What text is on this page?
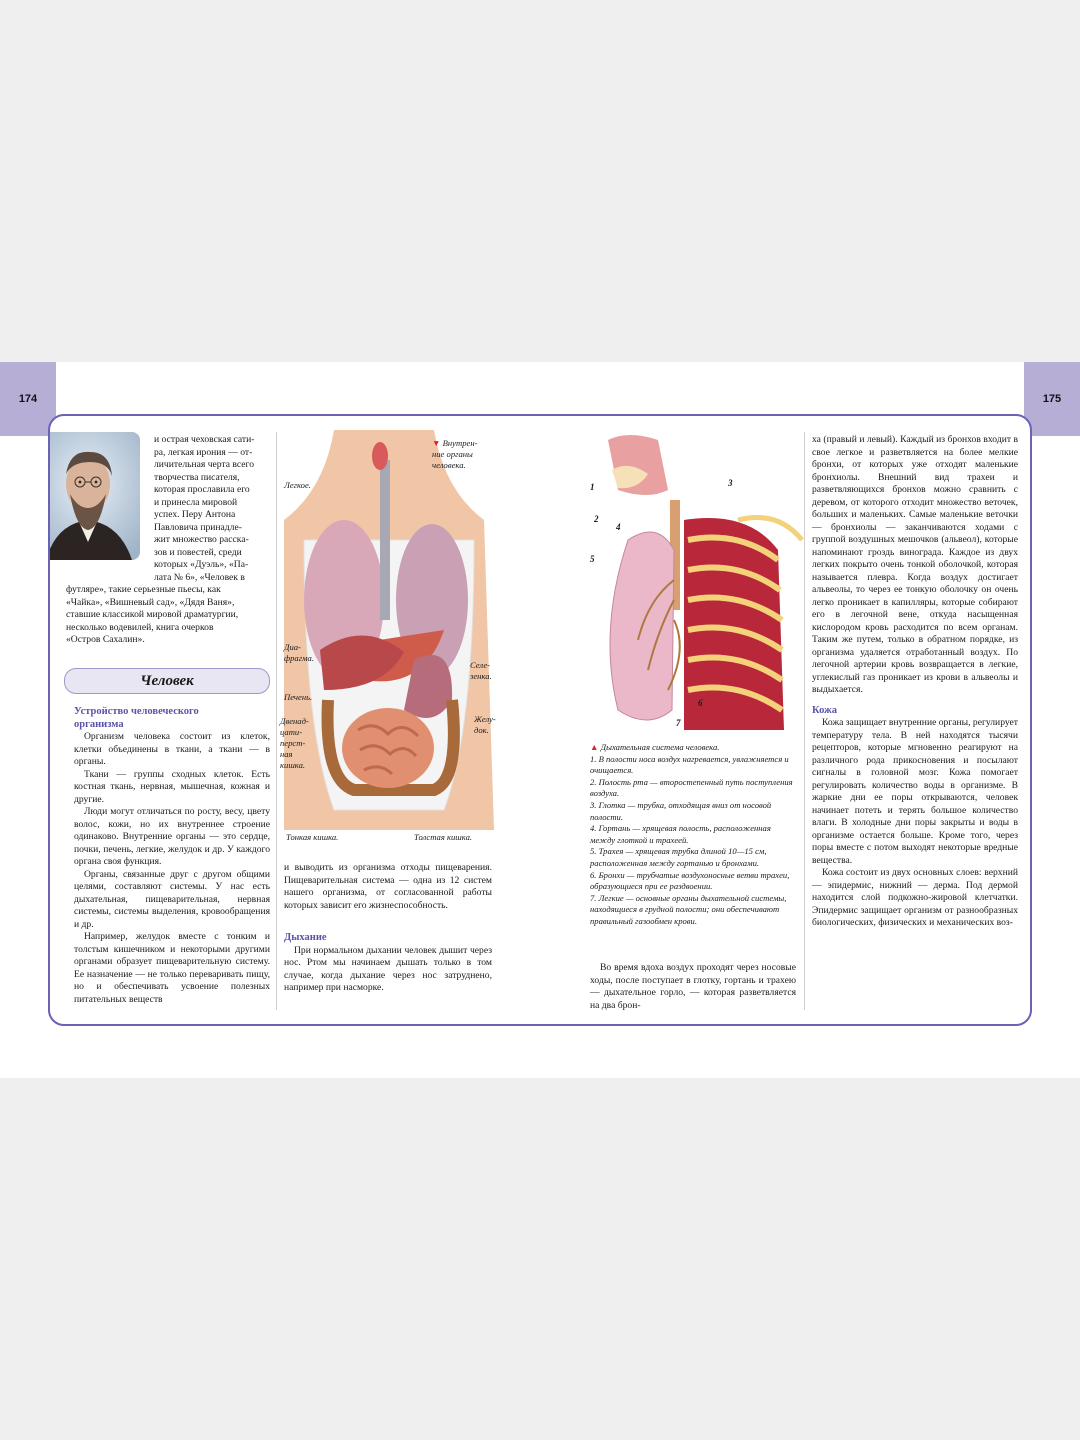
174	175
и острая чеховская сати-
ра, легкая ирония — от-
личительная черта всего
творчества писателя,
которая прославила его
и принесла мировой
успех. Перу Антона
Павловича принадле-
жит множество расска-
зов и повестей, среди
которых «Дуэль», «Па-
лата № 6», «Человек в
футляре», такие серьезные пьесы, как
«Чайка», «Вишневый сад», «Дядя Ваня»,
ставшие классикой мировой драматургии,
несколько водевилей, книга очерков
«Остров Сахалин».
Человек
Устройство человеческого
организма

Организм человека состоит из клеток, клетки объединены в ткани, а ткани — в органы.

Ткани — группы сходных клеток. Есть костная ткань, нервная, мышечная, кожная и другие.

Люди могут отличаться по росту, весу, цвету волос, кожи, но их внутреннее строение одинаково. Внутренние органы — это сердце, почки, печень, легкие, желудок и др. У каждого органа своя функция.

Органы, связанные друг с другом общими целями, составляют системы. У нас есть дыхательная, пищеварительная, нервная системы, системы выделения, кровообращения и др.

Например, желудок вместе с тонким и толстым кишечником и некоторыми другими органами образует пищеварительную систему. Ее назначение — не только переваривать пищу, но и обеспечивать усвоение полезных питательных веществ

▼ Внутрен-
ние органы
человека.
Легкое.
Диа-
фрагма.
Печень.
Двенад-
цати-
перст-
ная
кишка.
Селе-
зенка.
Желу-
док.
Тонкая кишка.	Толстая кишка.

и выводить из организма отходы пищеварения. Пищеварительная система — одна из 12 систем нашего организма, от согласованной работы которых зависит его жизнеспособность.

Дыхание

При нормальном дыхании человек дышит через нос. Ртом мы начинаем дышать только в том случае, когда дыхание через нос затруднено, например при насморке.

1
2
3
4
5
6
7
▲ Дыхательная система человека.
1. В полости носа воздух нагревается, увлажняется и очищается.
2. Полость рта — второстепенный путь поступления воздуха.
3. Глотка — трубка, отходящая вниз от носовой полости.
4. Гортань — хрящевая полость, расположенная между глоткой и трахеей.
5. Трахея — хрящевая трубка длиной 10—15 см, расположенная между гортанью и бронхами.
6. Бронхи — трубчатые воздухоносные ветви трахеи, образующиеся при ее раздвоении.
7. Легкие — основные органы дыхательной системы, находящиеся в грудной полости; они обеспечивают правильный газообмен крови.

Во время вдоха воздух проходят через носовые ходы, после поступает в глотку, гортань и трахею — дыхательное горло, — которая разветвляется на два брон-

ха (правый и левый). Каждый из бронхов входит в свое легкое и разветвляется на более мелкие бронхи, от которых уже отходят маленькие бронхиолы. Внешний вид трахеи и разветвляющихся бронхов можно сравнить с деревом, от которого отходит множество веточек, больших и маленьких. Самые маленькие веточки — бронхиолы — заканчиваются ходами с группой воздушных мешочков (альвеол), которые напоминают гроздь винограда. Каждое из двух легких покрыто очень тонкой оболочкой, которая называется плевра. Когда воздух достигает альвеолы, то через ее тонкую оболочку он очень легко проникает в капилляры, которые собирают его в легочной вене, откуда насыщенная кислородом кровь расходится по всем органам. Таким же путем, только в обратном порядке, из организма удаляется отработанный воздух. По легочной артерии кровь возвращается в легкие, углекислый газ проникает из крови в альвеолы и выдыхается.

Кожа

Кожа защищает внутренние органы, регулирует температуру тела. В ней находятся тысячи рецепторов, которые мгновенно реагируют на различного рода прикосновения и посылают сигналы в головной мозг. Кожа помогает регулировать количество воды в организме. В жаркие дни ее поры открываются, человек начинает потеть и терять большое количество влаги. В холодные дни поры закрыты и воды в организме остается больше. Кроме того, через поры вместе с потом выходят некоторые вредные вещества.

Кожа состоит из двух основных слоев: верхний — эпидермис, нижний — дерма. Под дермой находится слой подкожно-жировой клетчатки. Эпидермис защищает организм от разнообразных биологических, физических и механических воз-
